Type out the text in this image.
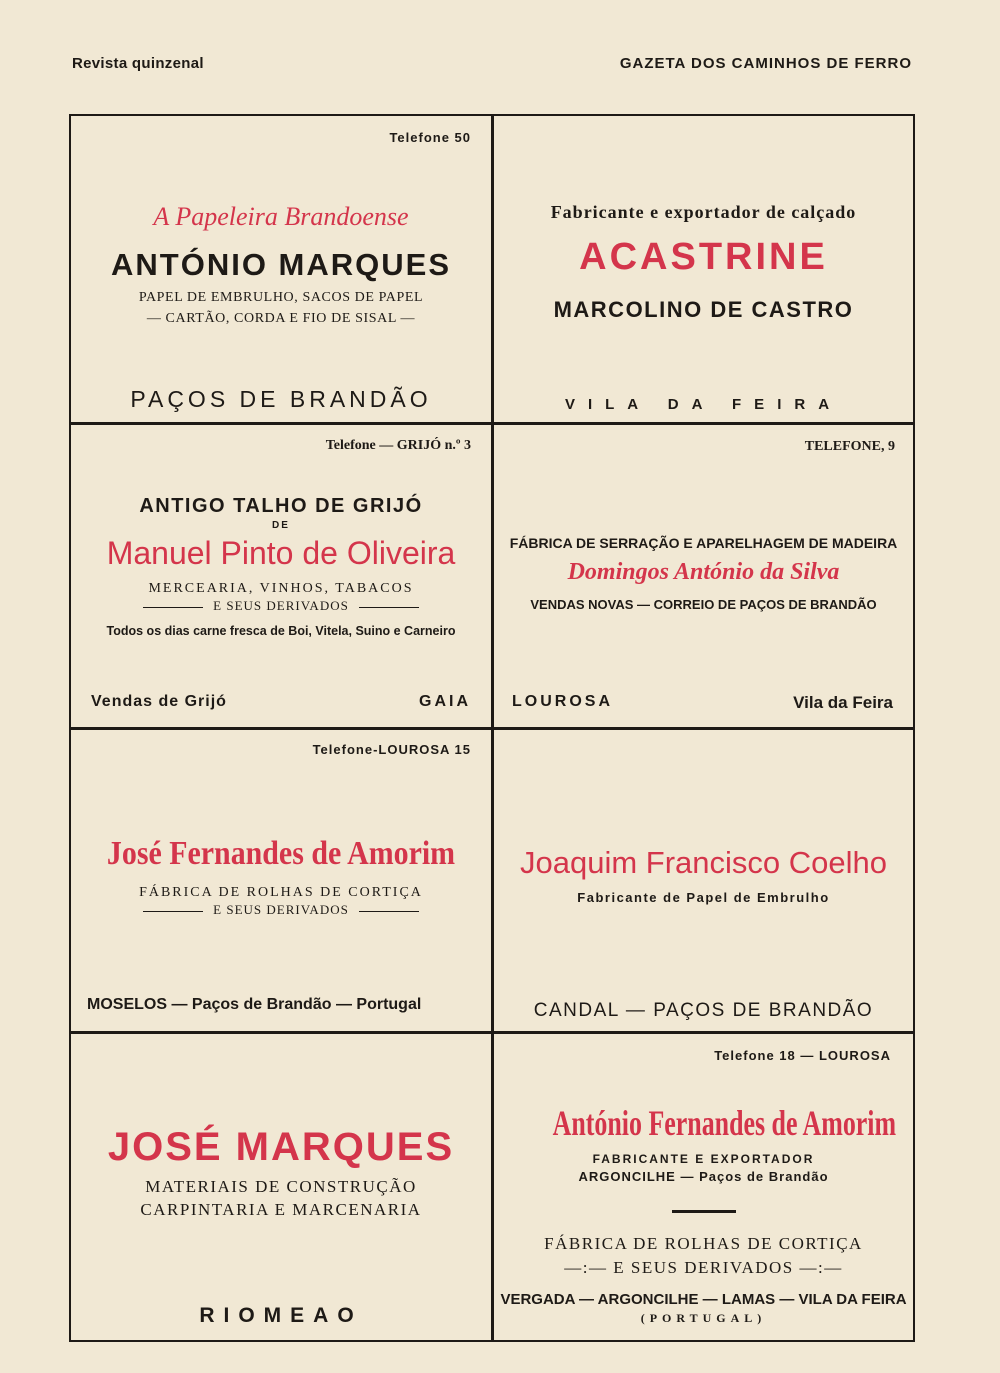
Revista quinzenal	GAZETA DOS CAMINHOS DE FERRO
Telefone 50
A Papeleira Brandoense
ANTÓNIO MARQUES
PAPEL DE EMBRULHO, SACOS DE PAPEL
— CARTÃO, CORDA E FIO DE SISAL —
PAÇOS DE BRANDÃO
Fabricante e exportador de calçado
ACASTRINE
MARCOLINO DE CASTRO
VILA DA FEIRA
Telefone — GRIJÓ n.º 3
ANTIGO TALHO DE GRIJÓ
DE
Manuel Pinto de Oliveira
MERCEARIA, VINHOS, TABACOS
E SEUS DERIVADOS
Todos os dias carne fresca de Boi, Vitela, Suino e Carneiro
Vendas de Grijó	GAIA
TELEFONE, 9
FÁBRICA DE SERRAÇÃO E APARELHAGEM DE MADEIRA
Domingos António da Silva
VENDAS NOVAS — CORREIO DE PAÇOS DE BRANDÃO
LOUROSA	Vila da Feira
Telefone-LOUROSA 15
José Fernandes de Amorim
FÁBRICA DE ROLHAS DE CORTIÇA
E SEUS DERIVADOS
MOSELOS — Paços de Brandão — Portugal
Joaquim Francisco Coelho
Fabricante de Papel de Embrulho
CANDAL — PAÇOS DE BRANDÃO
JOSÉ MARQUES
MATERIAIS DE CONSTRUÇÃO
CARPINTARIA E MARCENARIA
RIOMEAO
Telefone 18 — LOUROSA
António Fernandes de Amorim
FABRICANTE E EXPORTADOR
ARGONCILHE — Paços de Brandão
FÁBRICA DE ROLHAS DE CORTIÇA
—:— E SEUS DERIVADOS —:—
VERGADA — ARGONCILHE — LAMAS — VILA DA FEIRA
(PORTUGAL)
